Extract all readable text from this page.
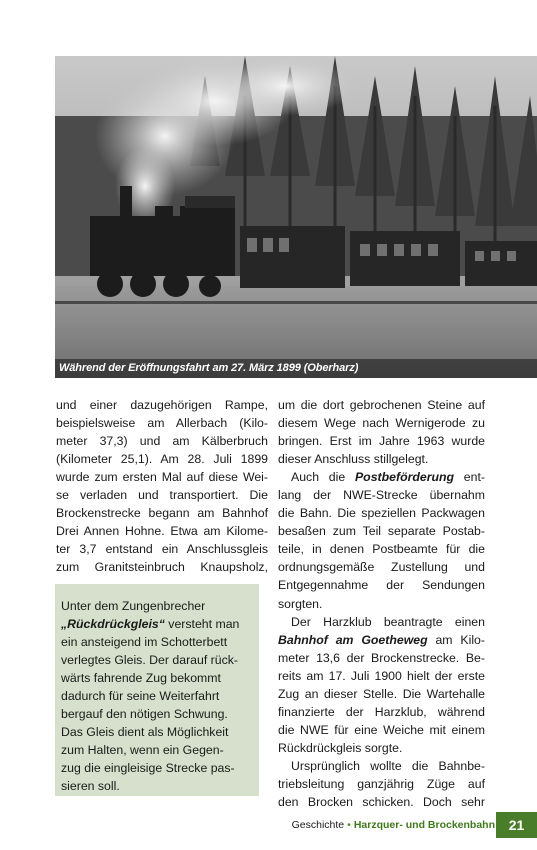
Während der Eröffnungsfahrt am 27. März 1899 (Oberharz)
und einer dazugehörigen Rampe,
beispielsweise am Allerbach (Kilo-
meter 37,3) und am Kälberbruch
(Kilometer 25,1). Am 28. Juli 1899
wurde zum ersten Mal auf diese Wei-
se verladen und transportiert. Die
Brockenstrecke begann am Bahnhof
Drei Annen Hohne. Etwa am Kilome-
ter 3,7 entstand ein Anschlussgleis
zum Granitsteinbruch Knaupsholz,
Unter dem Zungenbrecher
„Rückdrückgleis“ versteht man
ein ansteigend im Schotterbett
verlegtes Gleis. Der darauf rück-
wärts fahrende Zug bekommt
dadurch für seine Weiterfahrt
bergauf den nötigen Schwung.
Das Gleis dient als Möglichkeit
zum Halten, wenn ein Gegen-
zug die eingleisige Strecke pas-
sieren soll.
um die dort gebrochenen Steine auf
diesem Wege nach Wernigerode zu
bringen. Erst im Jahre 1963 wurde
dieser Anschluss stillgelegt.
Auch die Postbeförderung ent-
lang der NWE-Strecke übernahm
die Bahn. Die speziellen Packwagen
besaßen zum Teil separate Postab-
teile, in denen Postbeamte für die
ordnungsgemäße Zustellung und
Entgegennahme der Sendungen
sorgten.
Der Harzklub beantragte einen
Bahnhof am Goetheweg am Kilo-
meter 13,6 der Brockenstrecke. Be-
reits am 17. Juli 1900 hielt der erste
Zug an dieser Stelle. Die Wartehalle
finanzierte der Harzklub, während
die NWE für eine Weiche mit einem
Rückdrückgleis sorgte.
Ursprünglich wollte die Bahnbe-
triebsleitung ganzjährig Züge auf
den Brocken schicken. Doch sehr
Geschichte • Harzquer- und Brockenbahn 21
